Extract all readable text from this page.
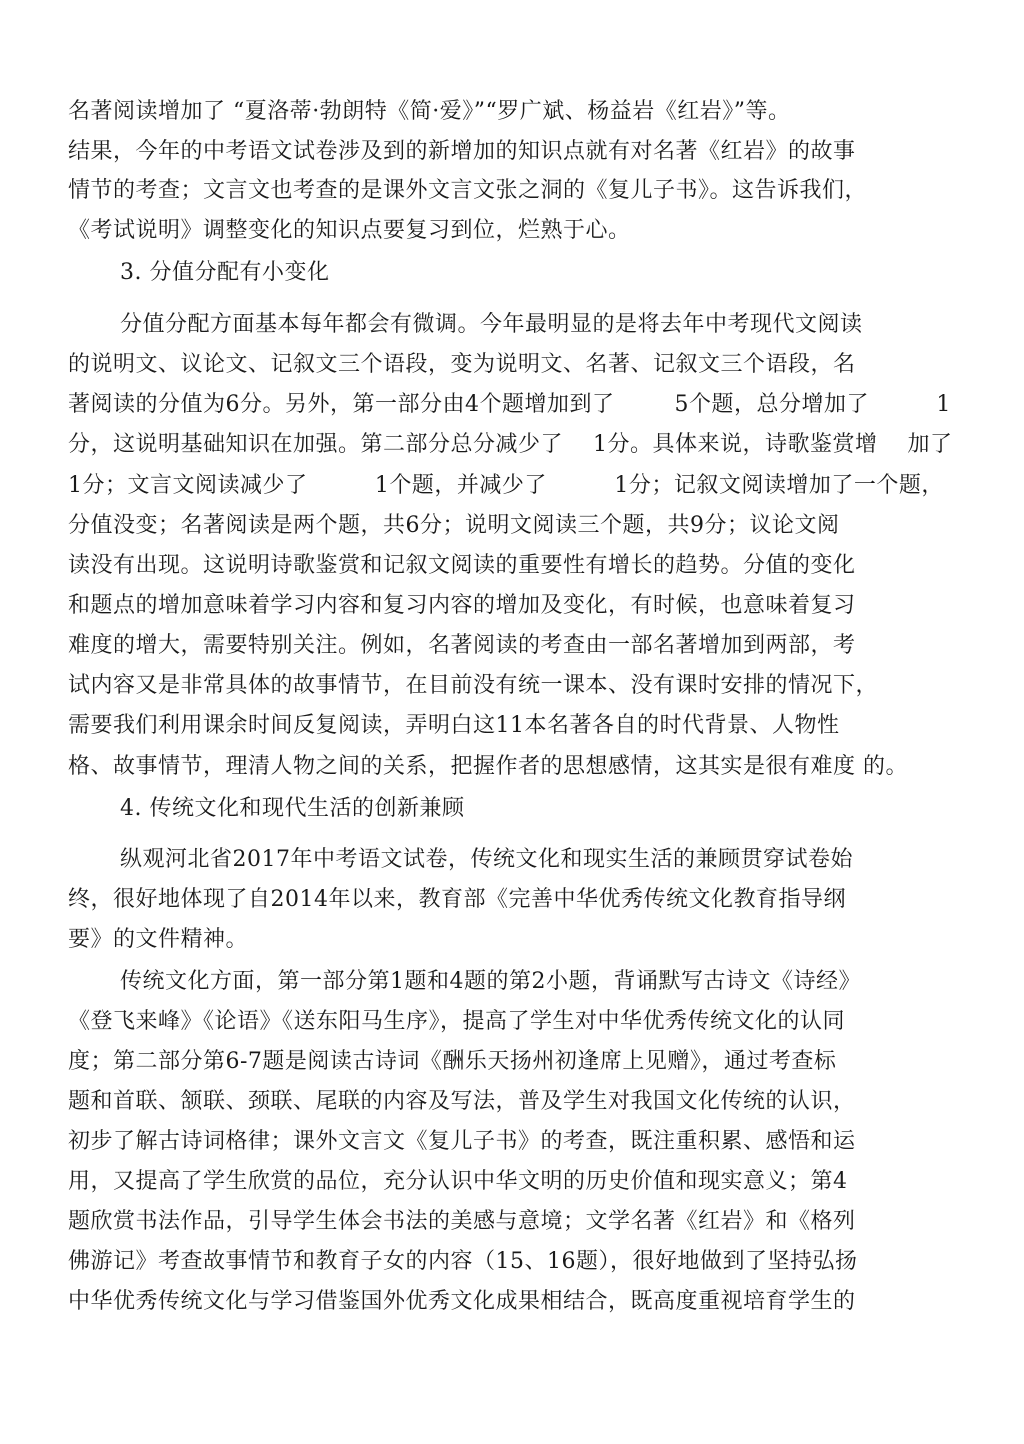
名著阅读增加了 “夏洛蒂·勃朗特《简·爱》”“罗广斌、杨益岩《红岩》”等。
结果，今年的中考语文试卷涉及到的新增加的知识点就有对名著《红岩》的故事
情节的考查；文言文也考查的是课外文言文张之洞的《复儿子书》。这告诉我们，
《考试说明》调整变化的知识点要复习到位，烂熟于心。
3. 分值分配有小变化
分值分配方面基本每年都会有微调。今年最明显的是将去年中考现代文阅读
的说明文、议论文、记叙文三个语段，变为说明文、名著、记叙文三个语段，名
著阅读的分值为6分。另外，第一部分由4个题增加到了        5个题，总分增加了         1
分，这说明基础知识在加强。第二部分总分减少了    1分。具体来说，诗歌鉴赏增    加了
1分；文言文阅读减少了         1个题，并减少了         1分；记叙文阅读增加了一个题，
分值没变；名著阅读是两个题，共6分；说明文阅读三个题，共9分；议论文阅
读没有出现。这说明诗歌鉴赏和记叙文阅读的重要性有增长的趋势。分值的变化
和题点的增加意味着学习内容和复习内容的增加及变化，有时候，也意味着复习
难度的增大，需要特别关注。例如，名著阅读的考查由一部名著增加到两部，考
试内容又是非常具体的故事情节，在目前没有统一课本、没有课时安排的情况下，
需要我们利用课余时间反复阅读，弄明白这11本名著各自的时代背景、人物性
格、故事情节，理清人物之间的关系，把握作者的思想感情，这其实是很有难度 的。
4. 传统文化和现代生活的创新兼顾
纵观河北省2017年中考语文试卷，传统文化和现实生活的兼顾贯穿试卷始
终，很好地体现了自2014年以来，教育部《完善中华优秀传统文化教育指导纲
要》的文件精神。
传统文化方面，第一部分第1题和4题的第2小题，背诵默写古诗文《诗经》
《登飞来峰》《论语》《送东阳马生序》，提高了学生对中华优秀传统文化的认同
度；第二部分第6-7题是阅读古诗词《酬乐天扬州初逢席上见赠》，通过考查标
题和首联、颔联、颈联、尾联的内容及写法，普及学生对我国文化传统的认识，
初步了解古诗词格律；课外文言文《复儿子书》的考查，既注重积累、感悟和运
用，又提高了学生欣赏的品位，充分认识中华文明的历史价值和现实意义；第4
题欣赏书法作品，引导学生体会书法的美感与意境；文学名著《红岩》和《格列
佛游记》考查故事情节和教育子女的内容（15、16题），很好地做到了坚持弘扬
中华优秀传统文化与学习借鉴国外优秀文化成果相结合，既高度重视培育学生的
